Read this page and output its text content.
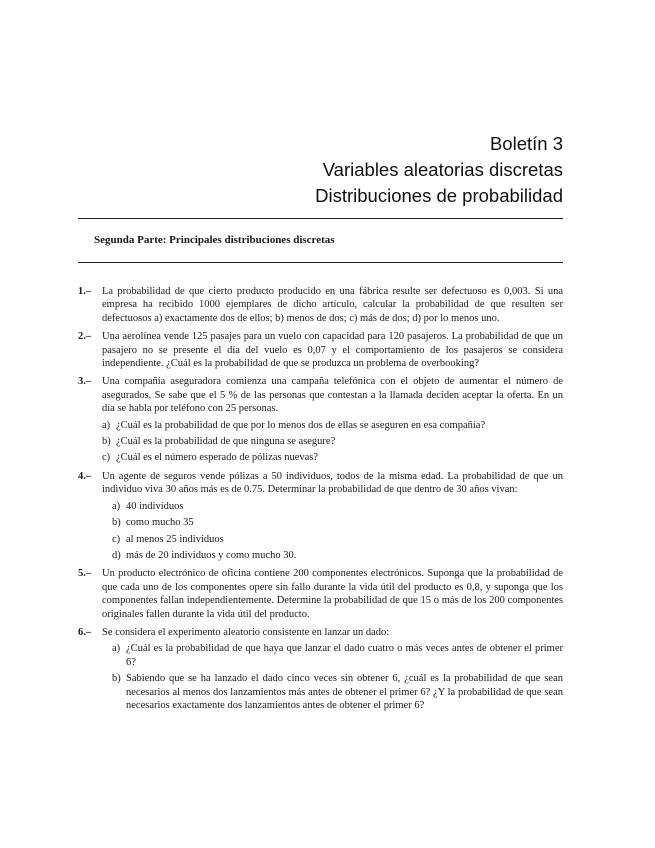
Boletín 3
Variables aleatorias discretas
Distribuciones de probabilidad
Segunda Parte: Principales distribuciones discretas
1.– La probabilidad de que cierto producto producido en una fábrica resulte ser defectuoso es 0,003. Si una empresa ha recibido 1000 ejemplares de dicho artículo, calcular la probabilidad de que resulten ser defectuosos a) exactamente dos de ellos; b) menos de dos; c) más de dos; d) por lo menos uno.

2.– Una aerolínea vende 125 pasajes para un vuelo con capacidad para 120 pasajeros. La probabilidad de que un pasajero no se presente el día del vuelo es 0,07 y el comportamiento de los pasajeros se considera independiente. ¿Cuál es la probabilidad de que se produzca un problema de overbooking?

3.– Una compañía aseguradora comienza una campaña telefónica con el objeto de aumentar el número de asegurados. Se sabe que el 5 % de las personas que contestan a la llamada deciden aceptar la oferta. En un día se habla por teléfono con 25 personas.

a) ¿Cuál es la probabilidad de que por lo menos dos de ellas se aseguren en esa compañía?
b) ¿Cuál es la probabilidad de que ninguna se asegure?
c) ¿Cuál es el número esperado de pólizas nuevas?
4.– Un agente de seguros vende pólizas a 50 individuos, todos de la misma edad. La probabilidad de que un individuo viva 30 años más es de 0.75. Determinar la probabilidad de que dentro de 30 años vivan:

a) 40 individuos
b) como mucho 35
c) al menos 25 individuos
d) más de 20 individuos y como mucho 30.
5.– Un producto electrónico de oficina contiene 200 componentes electrónicos. Suponga que la probabilidad de que cada uno de los componentes opere sin fallo durante la vida útil del producto es 0,8, y suponga que los componentes fallan independientemente. Determine la probabilidad de que 15 o más de los 200 componentes originales fallen durante la vida útil del producto.

6.– Se considera el experimento aleatorio consistente en lanzar un dado:

a) ¿Cuál es la probabilidad de que haya que lanzar el dado cuatro o más veces antes de obtener el primer 6?
b) Sabiendo que se ha lanzado el dado cinco veces sin obtener 6, ¿cuál es la probabilidad de que sean necesarios al menos dos lanzamientos más antes de obtener el primer 6? ¿Y la probabilidad de que sean necesarios exactamente dos lanzamientos antes de obtener el primer 6?
